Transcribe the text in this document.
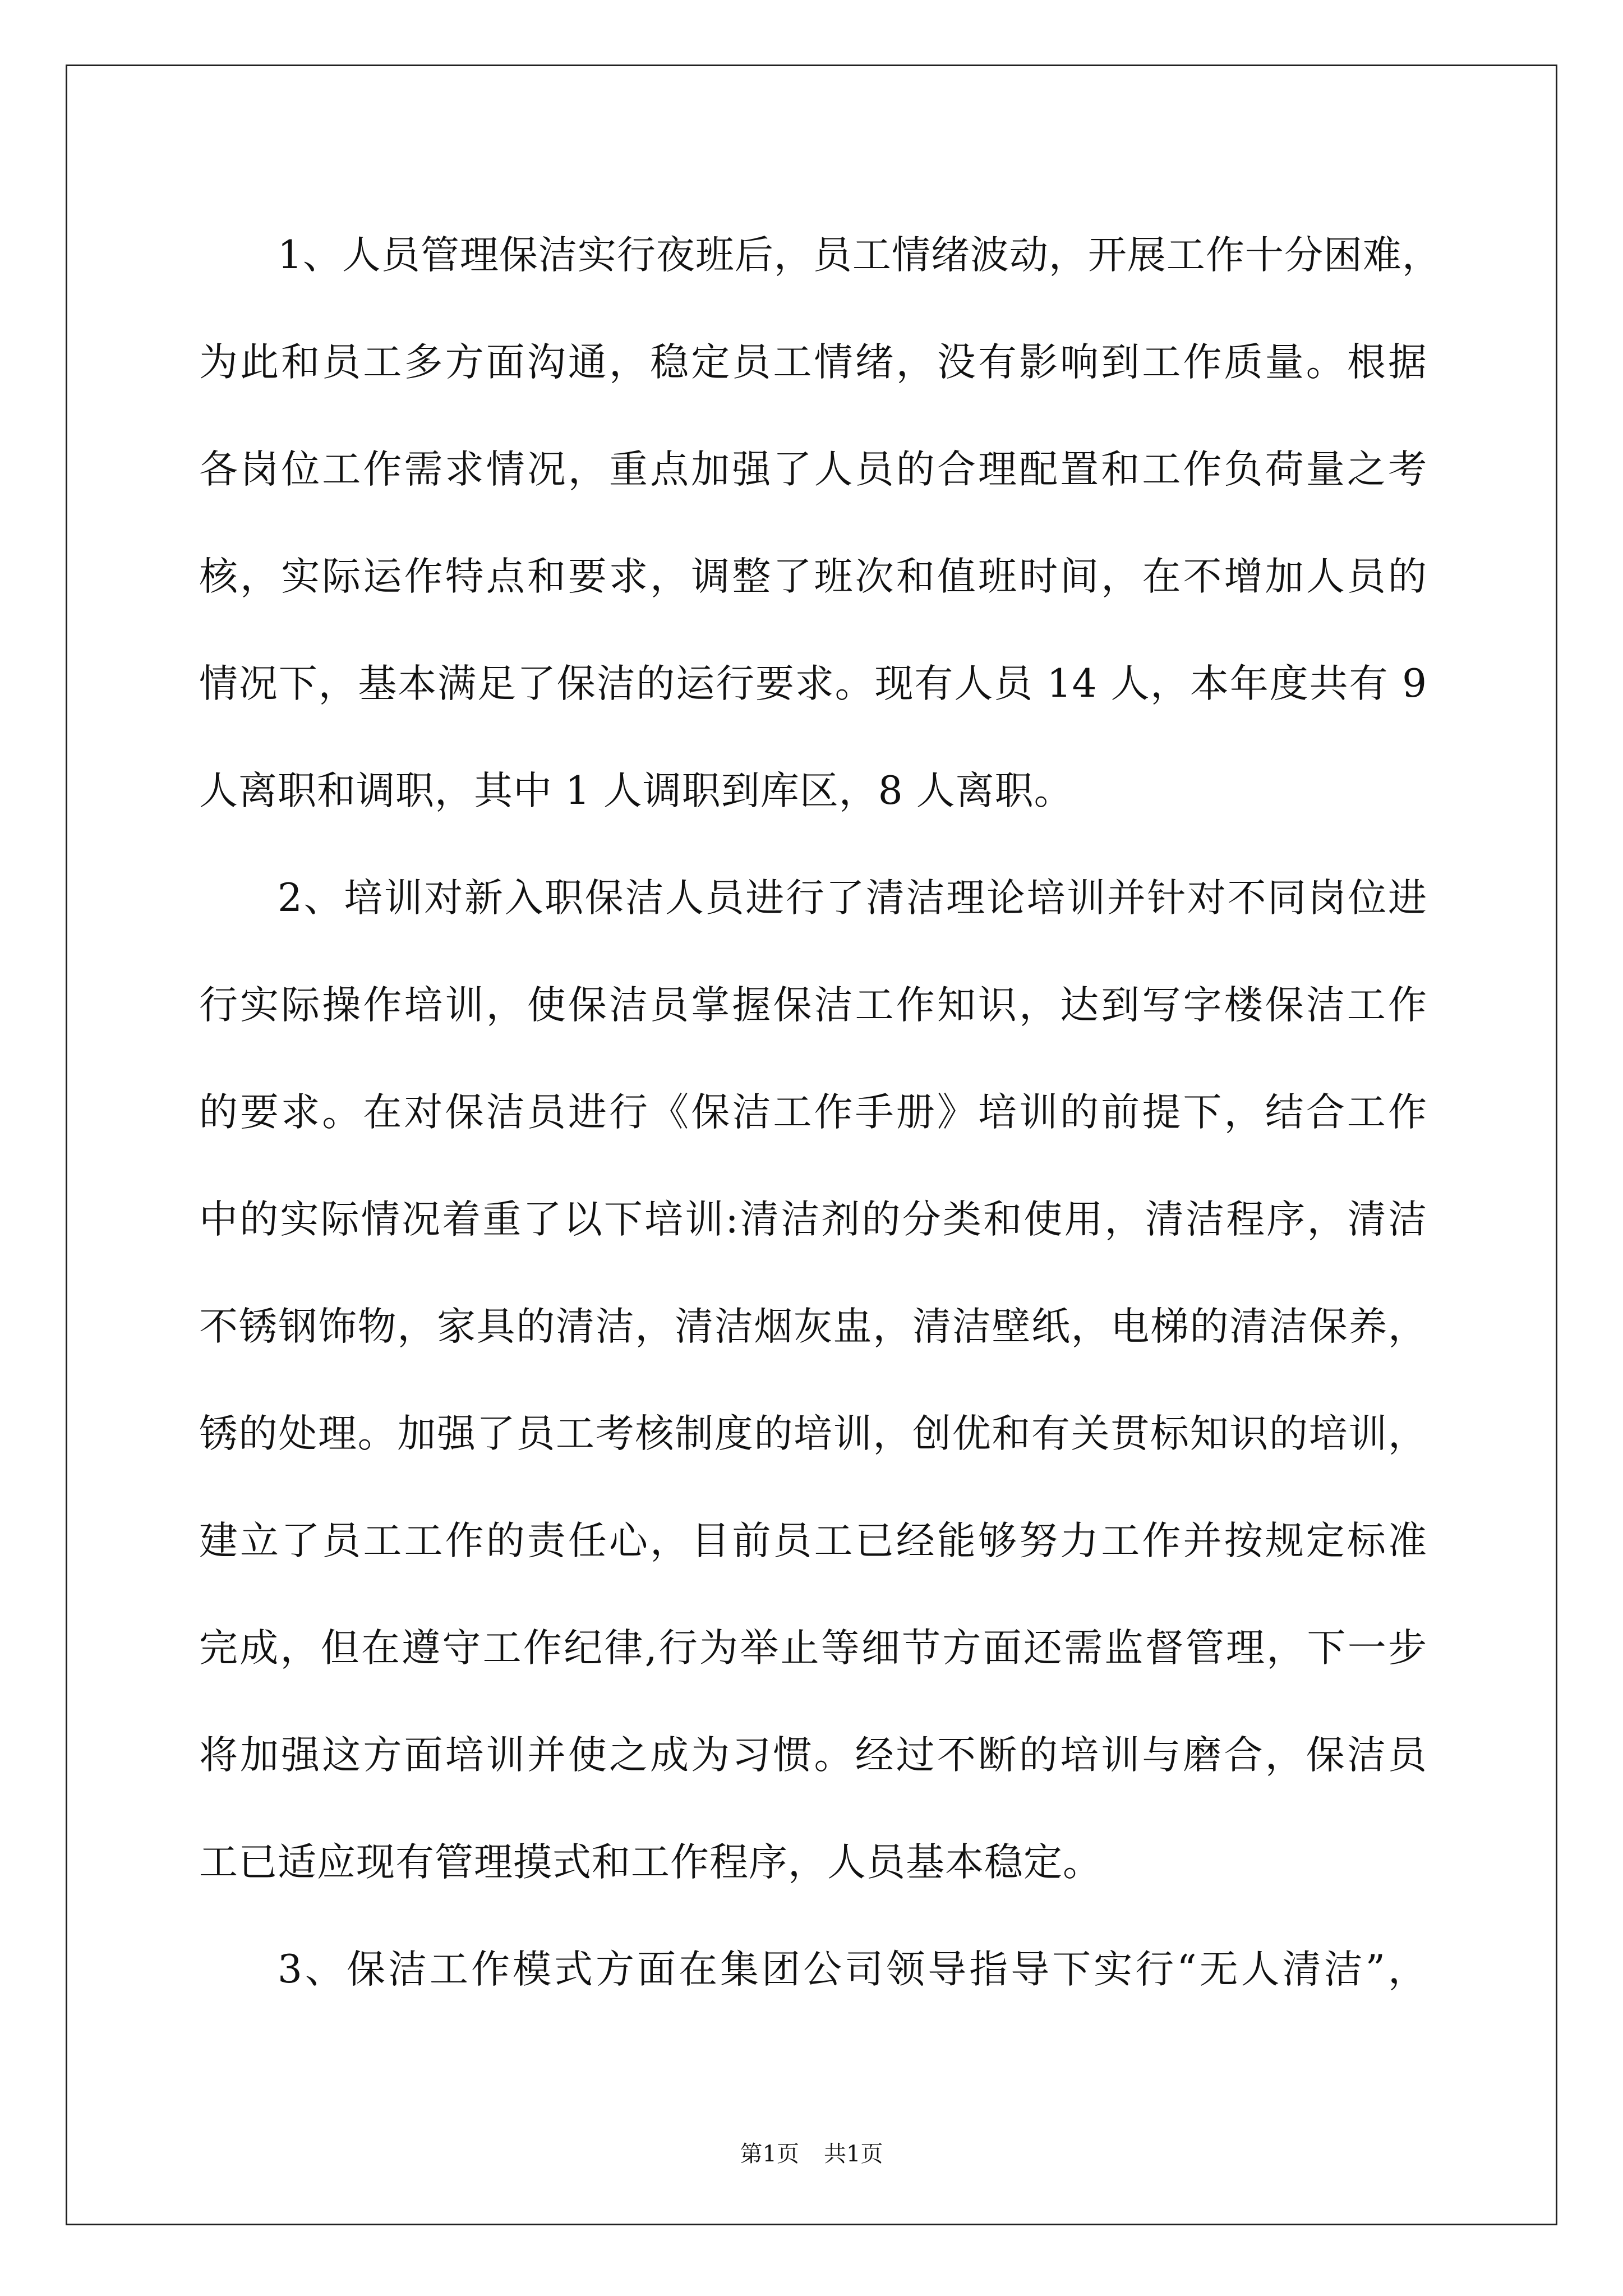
1、人员管理保洁实行夜班后，员工情绪波动，开展工作十分困难，
为此和员工多方面沟通，稳定员工情绪，没有影响到工作质量。根据
各岗位工作需求情况，重点加强了人员的合理配置和工作负荷量之考
核，实际运作特点和要求，调整了班次和值班时间，在不增加人员的
情况下，基本满足了保洁的运行要求。现有人员 14 人，本年度共有 9
人离职和调职，其中 1 人调职到库区，8 人离职。
2、培训对新入职保洁人员进行了清洁理论培训并针对不同岗位进
行实际操作培训，使保洁员掌握保洁工作知识，达到写字楼保洁工作
的要求。在对保洁员进行《保洁工作手册》培训的前提下，结合工作
中的实际情况着重了以下培训:清洁剂的分类和使用，清洁程序，清洁
不锈钢饰物，家具的清洁，清洁烟灰盅，清洁壁纸，电梯的清洁保养，
锈的处理。加强了员工考核制度的培训，创优和有关贯标知识的培训，
建立了员工工作的责任心，目前员工已经能够努力工作并按规定标准
完成，但在遵守工作纪律,行为举止等细节方面还需监督管理，下一步
将加强这方面培训并使之成为习惯。经过不断的培训与磨合，保洁员
工已适应现有管理摸式和工作程序，人员基本稳定。
3、保洁工作模式方面在集团公司领导指导下实行“无人清洁”，
第1页 共1页
